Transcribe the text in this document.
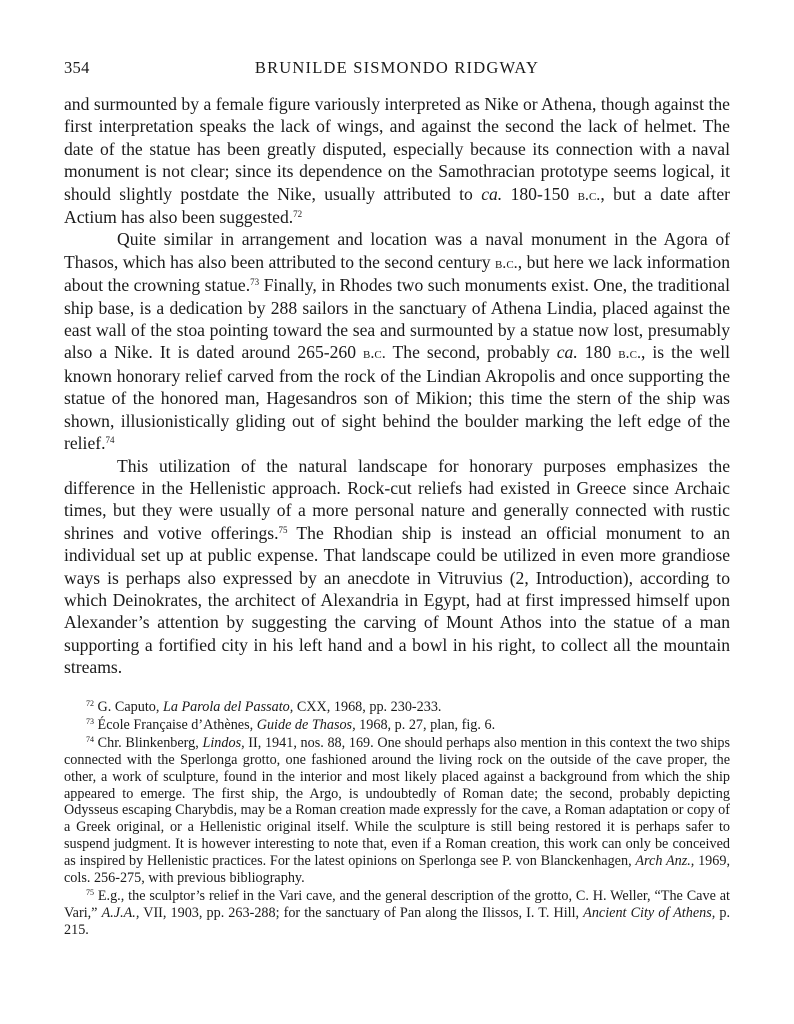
354	BRUNILDE SISMONDO RIDGWAY

and surmounted by a female figure variously interpreted as Nike or Athena, though against the first interpretation speaks the lack of wings, and against the second the lack of helmet. The date of the statue has been greatly disputed, especially because its connection with a naval monument is not clear; since its dependence on the Samothracian prototype seems logical, it should slightly postdate the Nike, usually attributed to ca. 180-150 b.c., but a date after Actium has also been suggested.$^{72}$

Quite similar in arrangement and location was a naval monument in the Agora of Thasos, which has also been attributed to the second century b.c., but here we lack information about the crowning statue.$^{73}$ Finally, in Rhodes two such monuments exist. One, the traditional ship base, is a dedication by 288 sailors in the sanctuary of Athena Lindia, placed against the east wall of the stoa pointing toward the sea and surmounted by a statue now lost, presumably also a Nike. It is dated around 265-260 b.c. The second, probably ca. 180 b.c., is the well known honorary relief carved from the rock of the Lindian Akropolis and once supporting the statue of the honored man, Hagesandros son of Mikion; this time the stern of the ship was shown, illusionistically gliding out of sight behind the boulder marking the left edge of the relief.$^{74}$

This utilization of the natural landscape for honorary purposes emphasizes the difference in the Hellenistic approach. Rock-cut reliefs had existed in Greece since Archaic times, but they were usually of a more personal nature and generally connected with rustic shrines and votive offerings.$^{75}$ The Rhodian ship is instead an official monument to an individual set up at public expense. That landscape could be utilized in even more grandiose ways is perhaps also expressed by an anecdote in Vitruvius (2, Introduction), according to which Deinokrates, the architect of Alexandria in Egypt, had at first impressed himself upon Alexander’s attention by suggesting the carving of Mount Athos into the statue of a man supporting a fortified city in his left hand and a bowl in his right, to collect all the mountain streams.

$^{72}$ G. Caputo, La Parola del Passato, CXX, 1968, pp. 230-233.

$^{73}$ École Française d’Athènes, Guide de Thasos, 1968, p. 27, plan, fig. 6.

$^{74}$ Chr. Blinkenberg, Lindos, II, 1941, nos. 88, 169. One should perhaps also mention in this context the two ships connected with the Sperlonga grotto, one fashioned around the living rock on the outside of the cave proper, the other, a work of sculpture, found in the interior and most likely placed against a background from which the ship appeared to emerge. The first ship, the Argo, is undoubtedly of Roman date; the second, probably depicting Odysseus escaping Charybdis, may be a Roman creation made expressly for the cave, a Roman adaptation or copy of a Greek original, or a Hellenistic original itself. While the sculpture is still being restored it is perhaps safer to suspend judgment. It is however interesting to note that, even if a Roman creation, this work can only be conceived as inspired by Hellenistic practices. For the latest opinions on Sperlonga see P. von Blanckenhagen, Arch Anz., 1969, cols. 256-275, with previous bibliography.

$^{75}$ E.g., the sculptor’s relief in the Vari cave, and the general description of the grotto, C. H. Weller, “The Cave at Vari,” A.J.A., VII, 1903, pp. 263-288; for the sanctuary of Pan along the Ilissos, I. T. Hill, Ancient City of Athens, p. 215.
